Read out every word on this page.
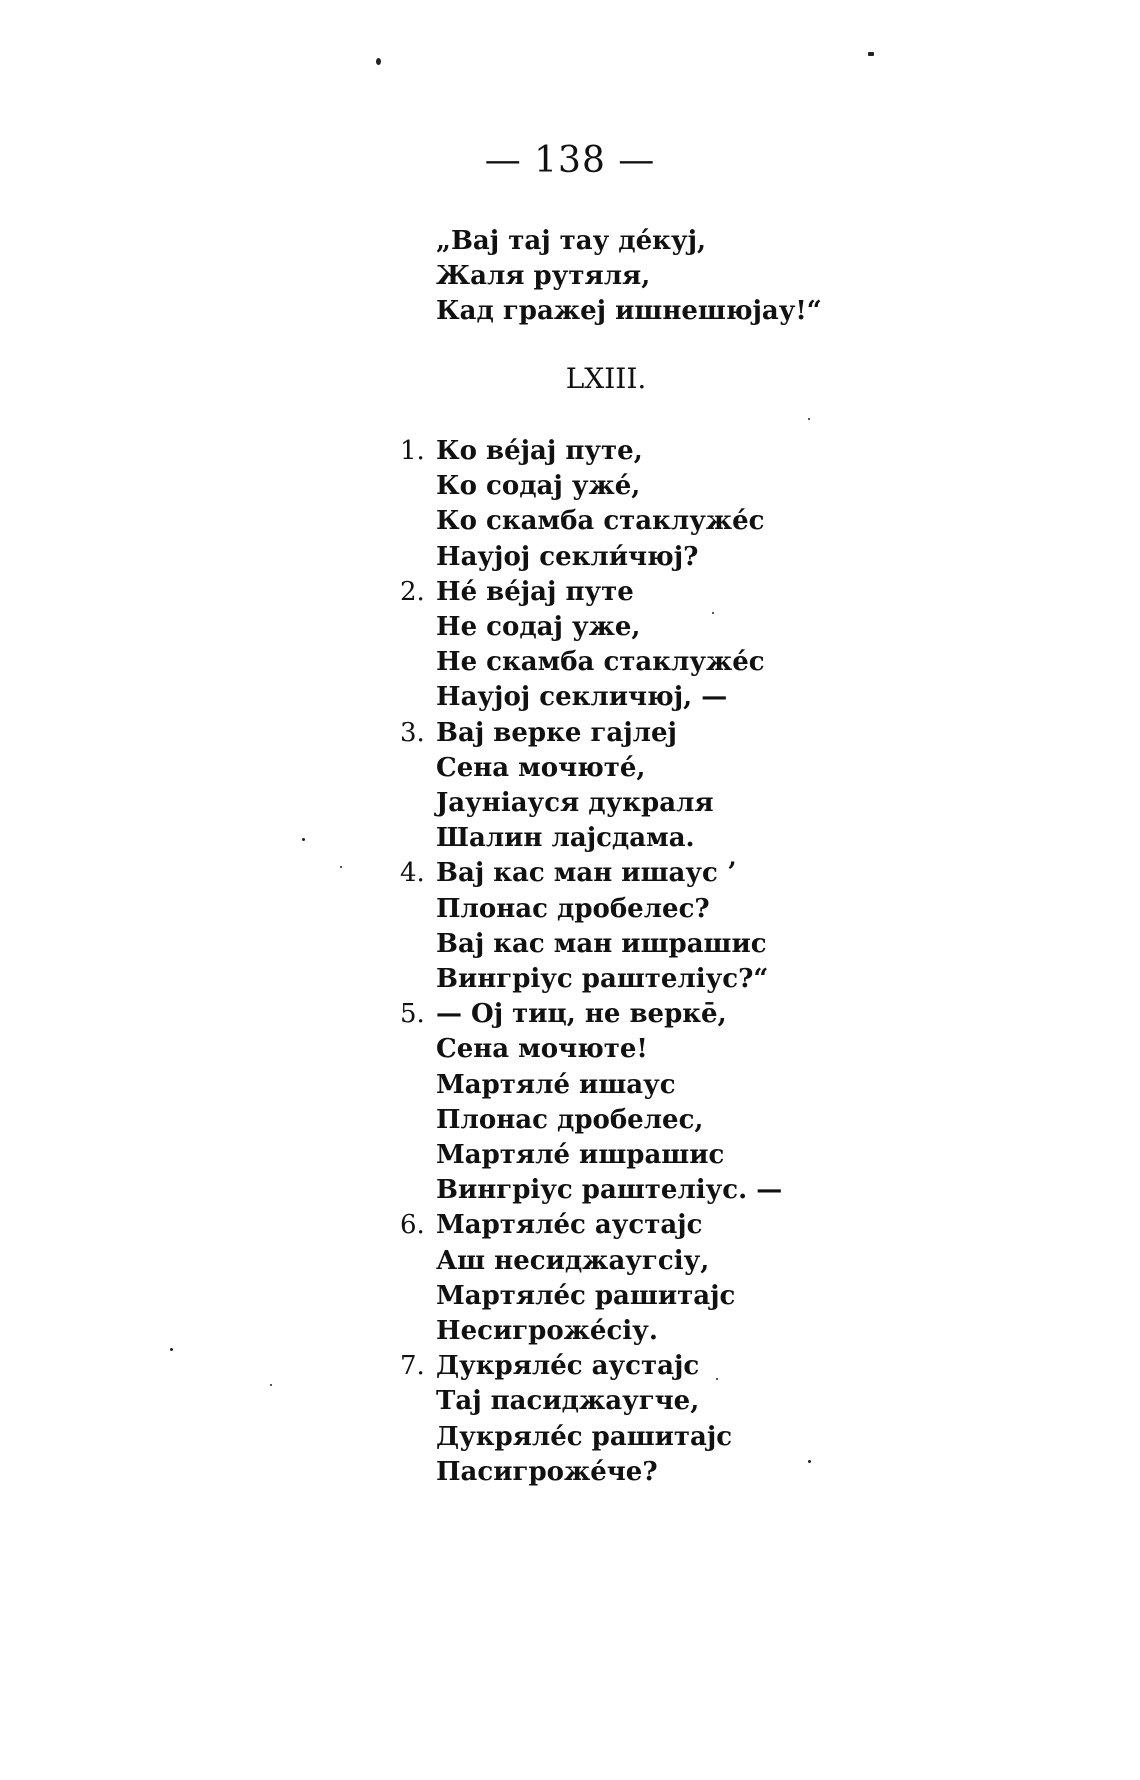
— 138 —
„Вај тај тау де́куј,
Жаля рутяля,
Кад гражеј ишнешюјау!“
LXIII.
1. Ко ве́јај путе,
Ко содај уже́,
Ко скамба стаклуже́с
Наујој секли́чюј?
2. Не́ ве́јај путе
Не содај уже,
Не скамба стаклуже́с
Наујој секличюј, —
3. Вај верке гајлеј
Сена мочюте́,
Јаунiауся дукраля
Шалин лајсдама.
4. Вај кас ман ишаус ʼ
Плонас дробелес?
Вај кас ман ишрашис
Вингрiус раштелiус?“
5. — Ој тиц, не верке̄,
Сена мочюте!
Мартяле́ ишаус
Плонас дробелес,
Мартяле́ ишрашис
Вингрiус раштелiус. —
6. Мартяле́с аустајс
Аш несиджаугсiу,
Мартяле́с рашитајс
Несигроже́сiу.
7. Дукряле́с аустајс
Тај пасиджаугче,
Дукряле́с рашитајс
Пасигроже́че?
